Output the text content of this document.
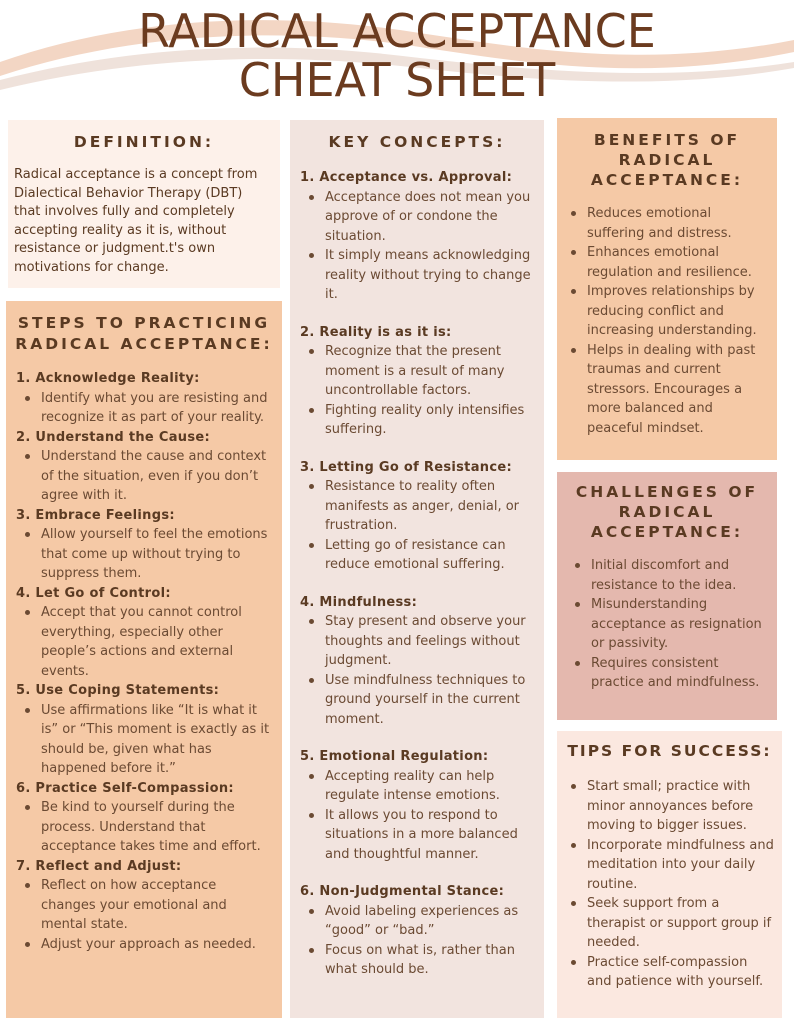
RADICAL ACCEPTANCE
CHEAT SHEET
DEFINITION:

Radical acceptance is a concept from Dialectical Behavior Therapy (DBT) that involves fully and completely accepting reality as it is, without resistance or judgment.t's own motivations for change.

STEPS TO PRACTICING RADICAL ACCEPTANCE:

1. Acknowledge Reality:

Identify what you are resisting and recognize it as part of your reality.

2. Understand the Cause:

Understand the cause and context of the situation, even if you don’t agree with it.

3. Embrace Feelings:

Allow yourself to feel the emotions that come up without trying to suppress them.

4. Let Go of Control:

Accept that you cannot control everything, especially other people’s actions and external events.

5. Use Coping Statements:

Use affirmations like “It is what it is” or “This moment is exactly as it should be, given what has happened before it.”

6. Practice Self-Compassion:

Be kind to yourself during the process. Understand that acceptance takes time and effort.

7. Reflect and Adjust:

Reflect on how acceptance changes your emotional and mental state.
Adjust your approach as needed.
KEY CONCEPTS:

1. Acceptance vs. Approval:

Acceptance does not mean you approve of or condone the situation.
It simply means acknowledging reality without trying to change it.

2. Reality is as it is:

Recognize that the present moment is a result of many uncontrollable factors.
Fighting reality only intensifies suffering.

3. Letting Go of Resistance:

Resistance to reality often manifests as anger, denial, or frustration.
Letting go of resistance can reduce emotional suffering.

4. Mindfulness:

Stay present and observe your thoughts and feelings without judgment.
Use mindfulness techniques to ground yourself in the current moment.

5. Emotional Regulation:

Accepting reality can help regulate intense emotions.
It allows you to respond to situations in a more balanced and thoughtful manner.

6. Non-Judgmental Stance:

Avoid labeling experiences as “good” or “bad.”
Focus on what is, rather than what should be.
BENEFITS OF RADICAL ACCEPTANCE:
Reduces emotional suffering and distress.
Enhances emotional regulation and resilience.
Improves relationships by reducing conflict and increasing understanding.
Helps in dealing with past traumas and current stressors. Encourages a more balanced and peaceful mindset.
CHALLENGES OF RADICAL ACCEPTANCE:
Initial discomfort and resistance to the idea.
Misunderstanding acceptance as resignation or passivity.
Requires consistent practice and mindfulness.
TIPS FOR SUCCESS:
Start small; practice with minor annoyances before moving to bigger issues.
Incorporate mindfulness and meditation into your daily routine.
Seek support from a therapist or support group if needed.
Practice self-compassion and patience with yourself.
